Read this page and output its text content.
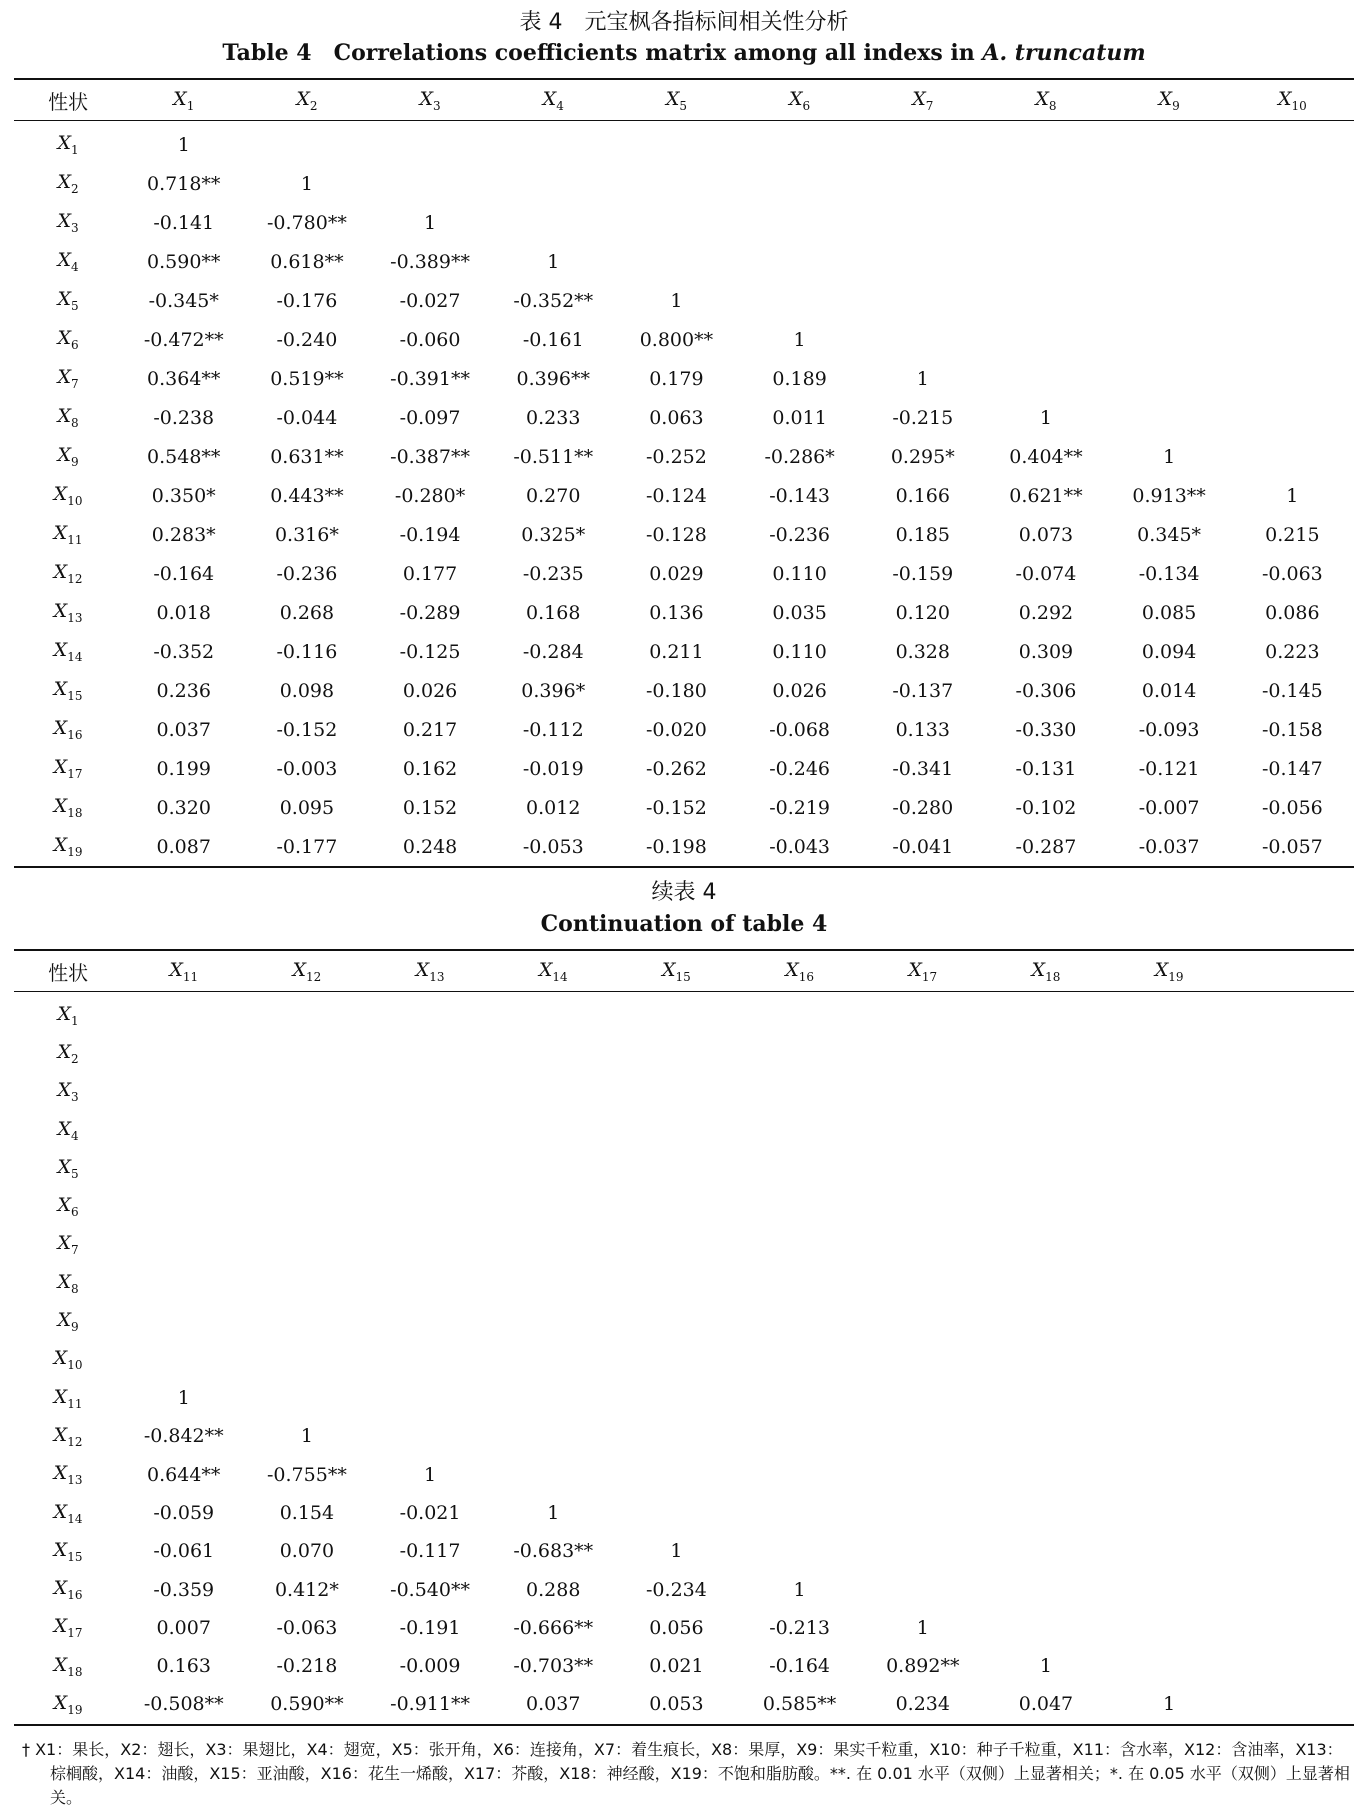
表 4　元宝枫各指标间相关性分析
Table 4　Correlations coefficients matrix among all indexs in A. truncatum
性状	$X_1$	$X_2$	$X_3$	$X_4$	$X_5$	$X_6$	$X_7$	$X_8$	$X_9$	$X_{10}$
$X_1$	1									
$X_2$	0.718**	1								
$X_3$	-0.141	-0.780**	1							
$X_4$	0.590**	0.618**	-0.389**	1						
$X_5$	-0.345*	-0.176	-0.027	-0.352**	1					
$X_6$	-0.472**	-0.240	-0.060	-0.161	0.800**	1				
$X_7$	0.364**	0.519**	-0.391**	0.396**	0.179	0.189	1			
$X_8$	-0.238	-0.044	-0.097	0.233	0.063	0.011	-0.215	1		
$X_9$	0.548**	0.631**	-0.387**	-0.511**	-0.252	-0.286*	0.295*	0.404**	1	
$X_{10}$	0.350*	0.443**	-0.280*	0.270	-0.124	-0.143	0.166	0.621**	0.913**	1
$X_{11}$	0.283*	0.316*	-0.194	0.325*	-0.128	-0.236	0.185	0.073	0.345*	0.215
$X_{12}$	-0.164	-0.236	0.177	-0.235	0.029	0.110	-0.159	-0.074	-0.134	-0.063
$X_{13}$	0.018	0.268	-0.289	0.168	0.136	0.035	0.120	0.292	0.085	0.086
$X_{14}$	-0.352	-0.116	-0.125	-0.284	0.211	0.110	0.328	0.309	0.094	0.223
$X_{15}$	0.236	0.098	0.026	0.396*	-0.180	0.026	-0.137	-0.306	0.014	-0.145
$X_{16}$	0.037	-0.152	0.217	-0.112	-0.020	-0.068	0.133	-0.330	-0.093	-0.158
$X_{17}$	0.199	-0.003	0.162	-0.019	-0.262	-0.246	-0.341	-0.131	-0.121	-0.147
$X_{18}$	0.320	0.095	0.152	0.012	-0.152	-0.219	-0.280	-0.102	-0.007	-0.056
$X_{19}$	0.087	-0.177	0.248	-0.053	-0.198	-0.043	-0.041	-0.287	-0.037	-0.057
续表 4
Continuation of table 4
性状	$X_{11}$	$X_{12}$	$X_{13}$	$X_{14}$	$X_{15}$	$X_{16}$	$X_{17}$	$X_{18}$	$X_{19}$	
$X_1$										
$X_2$										
$X_3$										
$X_4$										
$X_5$										
$X_6$										
$X_7$										
$X_8$										
$X_9$										
$X_{10}$										
$X_{11}$	1									
$X_{12}$	-0.842**	1								
$X_{13}$	0.644**	-0.755**	1							
$X_{14}$	-0.059	0.154	-0.021	1						
$X_{15}$	-0.061	0.070	-0.117	-0.683**	1					
$X_{16}$	-0.359	0.412*	-0.540**	0.288	-0.234	1				
$X_{17}$	0.007	-0.063	-0.191	-0.666**	0.056	-0.213	1			
$X_{18}$	0.163	-0.218	-0.009	-0.703**	0.021	-0.164	0.892**	1		
$X_{19}$	-0.508**	0.590**	-0.911**	0.037	0.053	0.585**	0.234	0.047	1	
† X1：果长，X2：翅长，X3：果翅比，X4：翅宽，X5：张开角，X6：连接角，X7：着生痕长，X8：果厚，X9：果实千粒重，X10：种子千粒重，X11：含水率，X12：含油率，X13：棕榈酸，X14：油酸，X15：亚油酸，X16：花生一烯酸，X17：芥酸，X18：神经酸，X19：不饱和脂肪酸。**. 在 0.01 水平（双侧）上显著相关；*. 在 0.05 水平（双侧）上显著相关。
